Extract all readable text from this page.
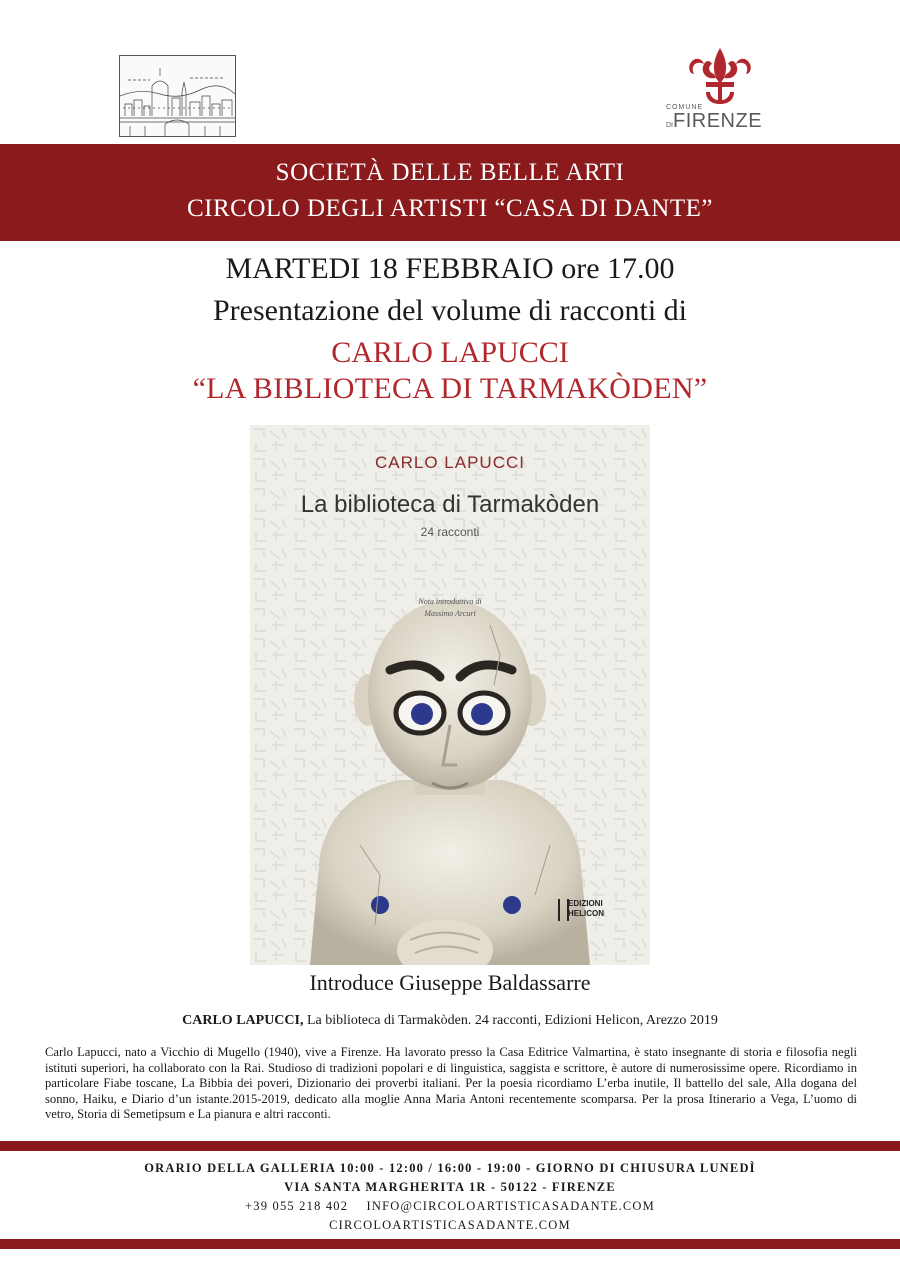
COMUNE
DIFIRENZE
SOCIETÀ DELLE BELLE ARTI
CIRCOLO DEGLI ARTISTI “CASA DI DANTE”
MARTEDI 18 FEBBRAIO ore 17.00
Presentazione del volume di racconti di
CARLO LAPUCCI
“LA BIBLIOTECA DI TARMAKÒDEN”
CARLO LAPUCCI
La biblioteca di Tarmakòden
24 racconti
Nota introduttiva di
Massimo Arcuri
EDIZIONI
HELICON
Introduce Giuseppe Baldassarre
CARLO LAPUCCI, La biblioteca di Tarmakòden. 24 racconti, Edizioni Helicon, Arezzo 2019
Carlo Lapucci, nato a Vicchio di Mugello (1940), vive a Firenze. Ha lavorato presso la Casa Editrice Valmartina, è stato insegnante di storia e filosofia negli istituti superiori, ha collaborato con la Rai. Studioso di tradizioni popolari e di linguistica, saggista e scrittore, è autore di numerosissime opere. Ricordiamo in particolare Fiabe toscane, La Bibbia dei poveri, Dizionario dei proverbi italiani. Per la poesia ricordiamo L’erba inutile, Il battello del sale, Alla dogana del sonno, Haiku, e Diario d’un istante.2015-2019, dedicato alla moglie Anna Maria Antoni recentemente scomparsa. Per la prosa Itinerario a Vega, L’uomo di vetro, Storia di Semetipsum e La pianura e altri racconti.
ORARIO DELLA GALLERIA 10:00 - 12:00 / 16:00 - 19:00 - GIORNO DI CHIUSURA LUNEDÌ
VIA SANTA MARGHERITA 1R - 50122 - FIRENZE
+39 055 218 402 INFO@CIRCOLOARTISTICASADANTE.COM
CIRCOLOARTISTICASADANTE.COM
